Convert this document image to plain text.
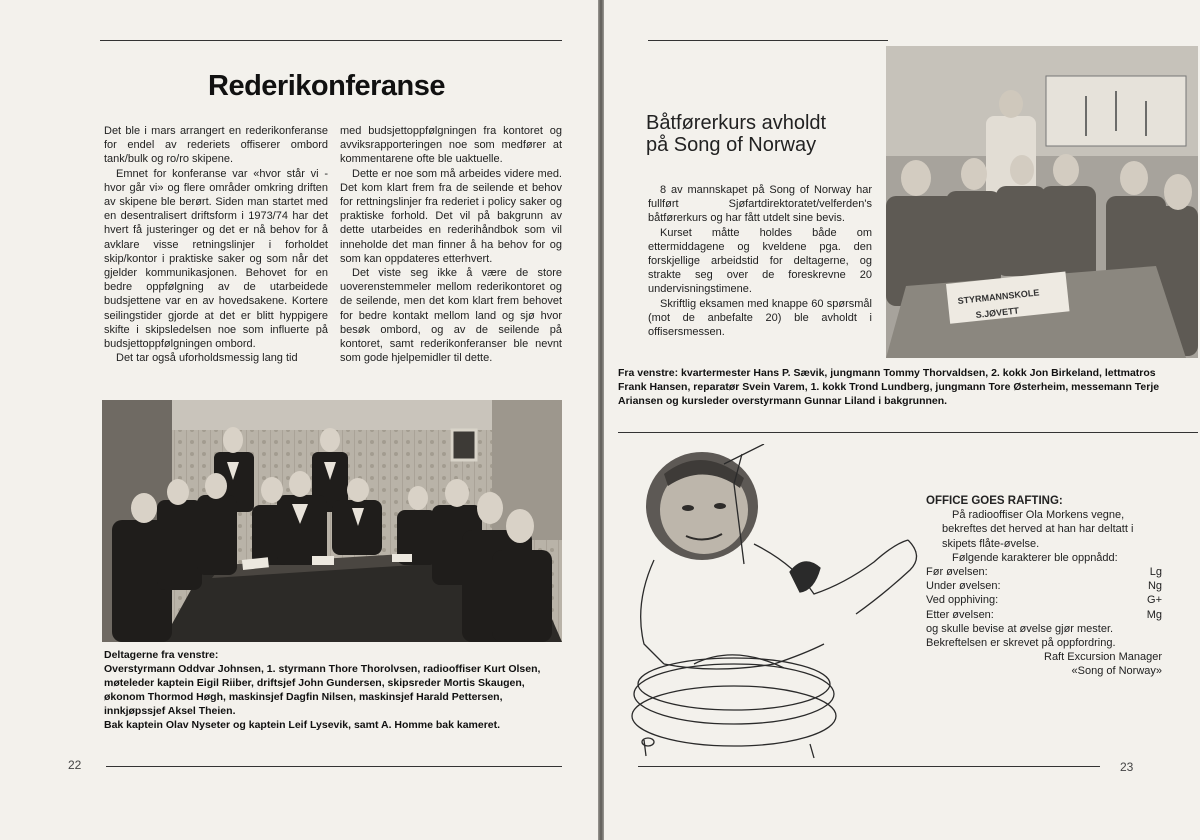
Rederikonferanse

Det ble i mars arrangert en rederikonferanse for endel av rederiets offiserer ombord tank/bulk og ro/ro skipene.

Emnet for konferanse var «hvor står vi - hvor går vi» og flere områder omkring driften av skipene ble berørt. Siden man startet med en desentralisert driftsform i 1973/74 har det hvert få justeringer og det er nå behov for å avklare visse retningslinjer i forholdet skip/kontor i praktiske saker og som når det gjelder kommunikasjonen. Behovet for en bedre oppfølgning av de utarbeidede budsjettene var en av hovedsakene. Kortere seilingstider gjorde at det er blitt hyppigere skifte i skipsledelsen noe som influerte på budsjettoppfølgningen ombord.

Det tar også uforholdsmessig lang tid

med budsjettoppfølgningen fra kontoret og avviksrapporteringen noe som medfører at kommentarene ofte ble uaktuelle.

Dette er noe som må arbeides videre med. Det kom klart frem fra de seilende et behov for rettningslinjer fra rederiet i policy saker og praktiske forhold. Det vil på bakgrunn av dette utarbeides en rederihåndbok som vil inneholde det man finner å ha behov for og som kan oppdateres etterhvert.

Det viste seg ikke å være de store uoverenstemmeler mellom rederikontoret og de seilende, men det kom klart frem behovet for bedre kontakt mellom land og sjø hvor besøk ombord, og av de seilende på kontoret, samt rederikonferanser ble nevnt som gode hjelpemidler til dette.

Deltagerne fra venstre:
Overstyrmann Oddvar Johnsen, 1. styrmann Thore Thorolvsen, radiooffiser Kurt Olsen, møteleder kaptein Eigil Riiber, driftsjef John Gundersen, skipsreder Mortis Skaugen, økonom Thormod Høgh, maskinsjef Dagfin Nilsen, maskinsjef Harald Pettersen, innkjøpssjef Aksel Theien.
Bak kaptein Olav Nyseter og kaptein Leif Lysevik, samt A. Homme bak kameret.
22
Båtførerkurs avholdt
på Song of Norway

8 av mannskapet på Song of Norway har fullført Sjøfartdirektoratet/velferden's båtførerkurs og har fått utdelt sine bevis.

Kurset måtte holdes både om ettermiddagene og kveldene pga. den forskjellige arbeidstid for deltagerne, og strakte seg over de foreskrevne 20 undervisningstimene.

Skriftlig eksamen med knappe 60 spørsmål (mot de anbefalte 20) ble avholdt i offisersmessen.

STYRMANNSKOLE
S.JØVETT
Fra venstre: kvartermester Hans P. Sævik, jungmann Tommy Thorvaldsen, 2. kokk Jon Birkeland, lettmatros Frank Hansen, reparatør Svein Varem, 1. kokk Trond Lundberg, jungmann Tore Østerheim, messemann Terje Ariansen og kursleder overstyrmann Gunnar Liland i bakgrunnen.

OFFICE GOES RAFTING:

På radiooffiser Ola Morkens vegne, bekreftes det herved at han har deltatt i skipets flåte-øvelse.

Følgende karakterer ble oppnådd:

Før øvelsen:	Lg
Under øvelsen:	Ng
Ved opphiving:	G+
Etter øvelsen:	Mg

og skulle bevise at øvelse gjør mester.

Bekreftelsen er skrevet på oppfordring.

Raft Excursion Manager

«Song of Norway»

23
